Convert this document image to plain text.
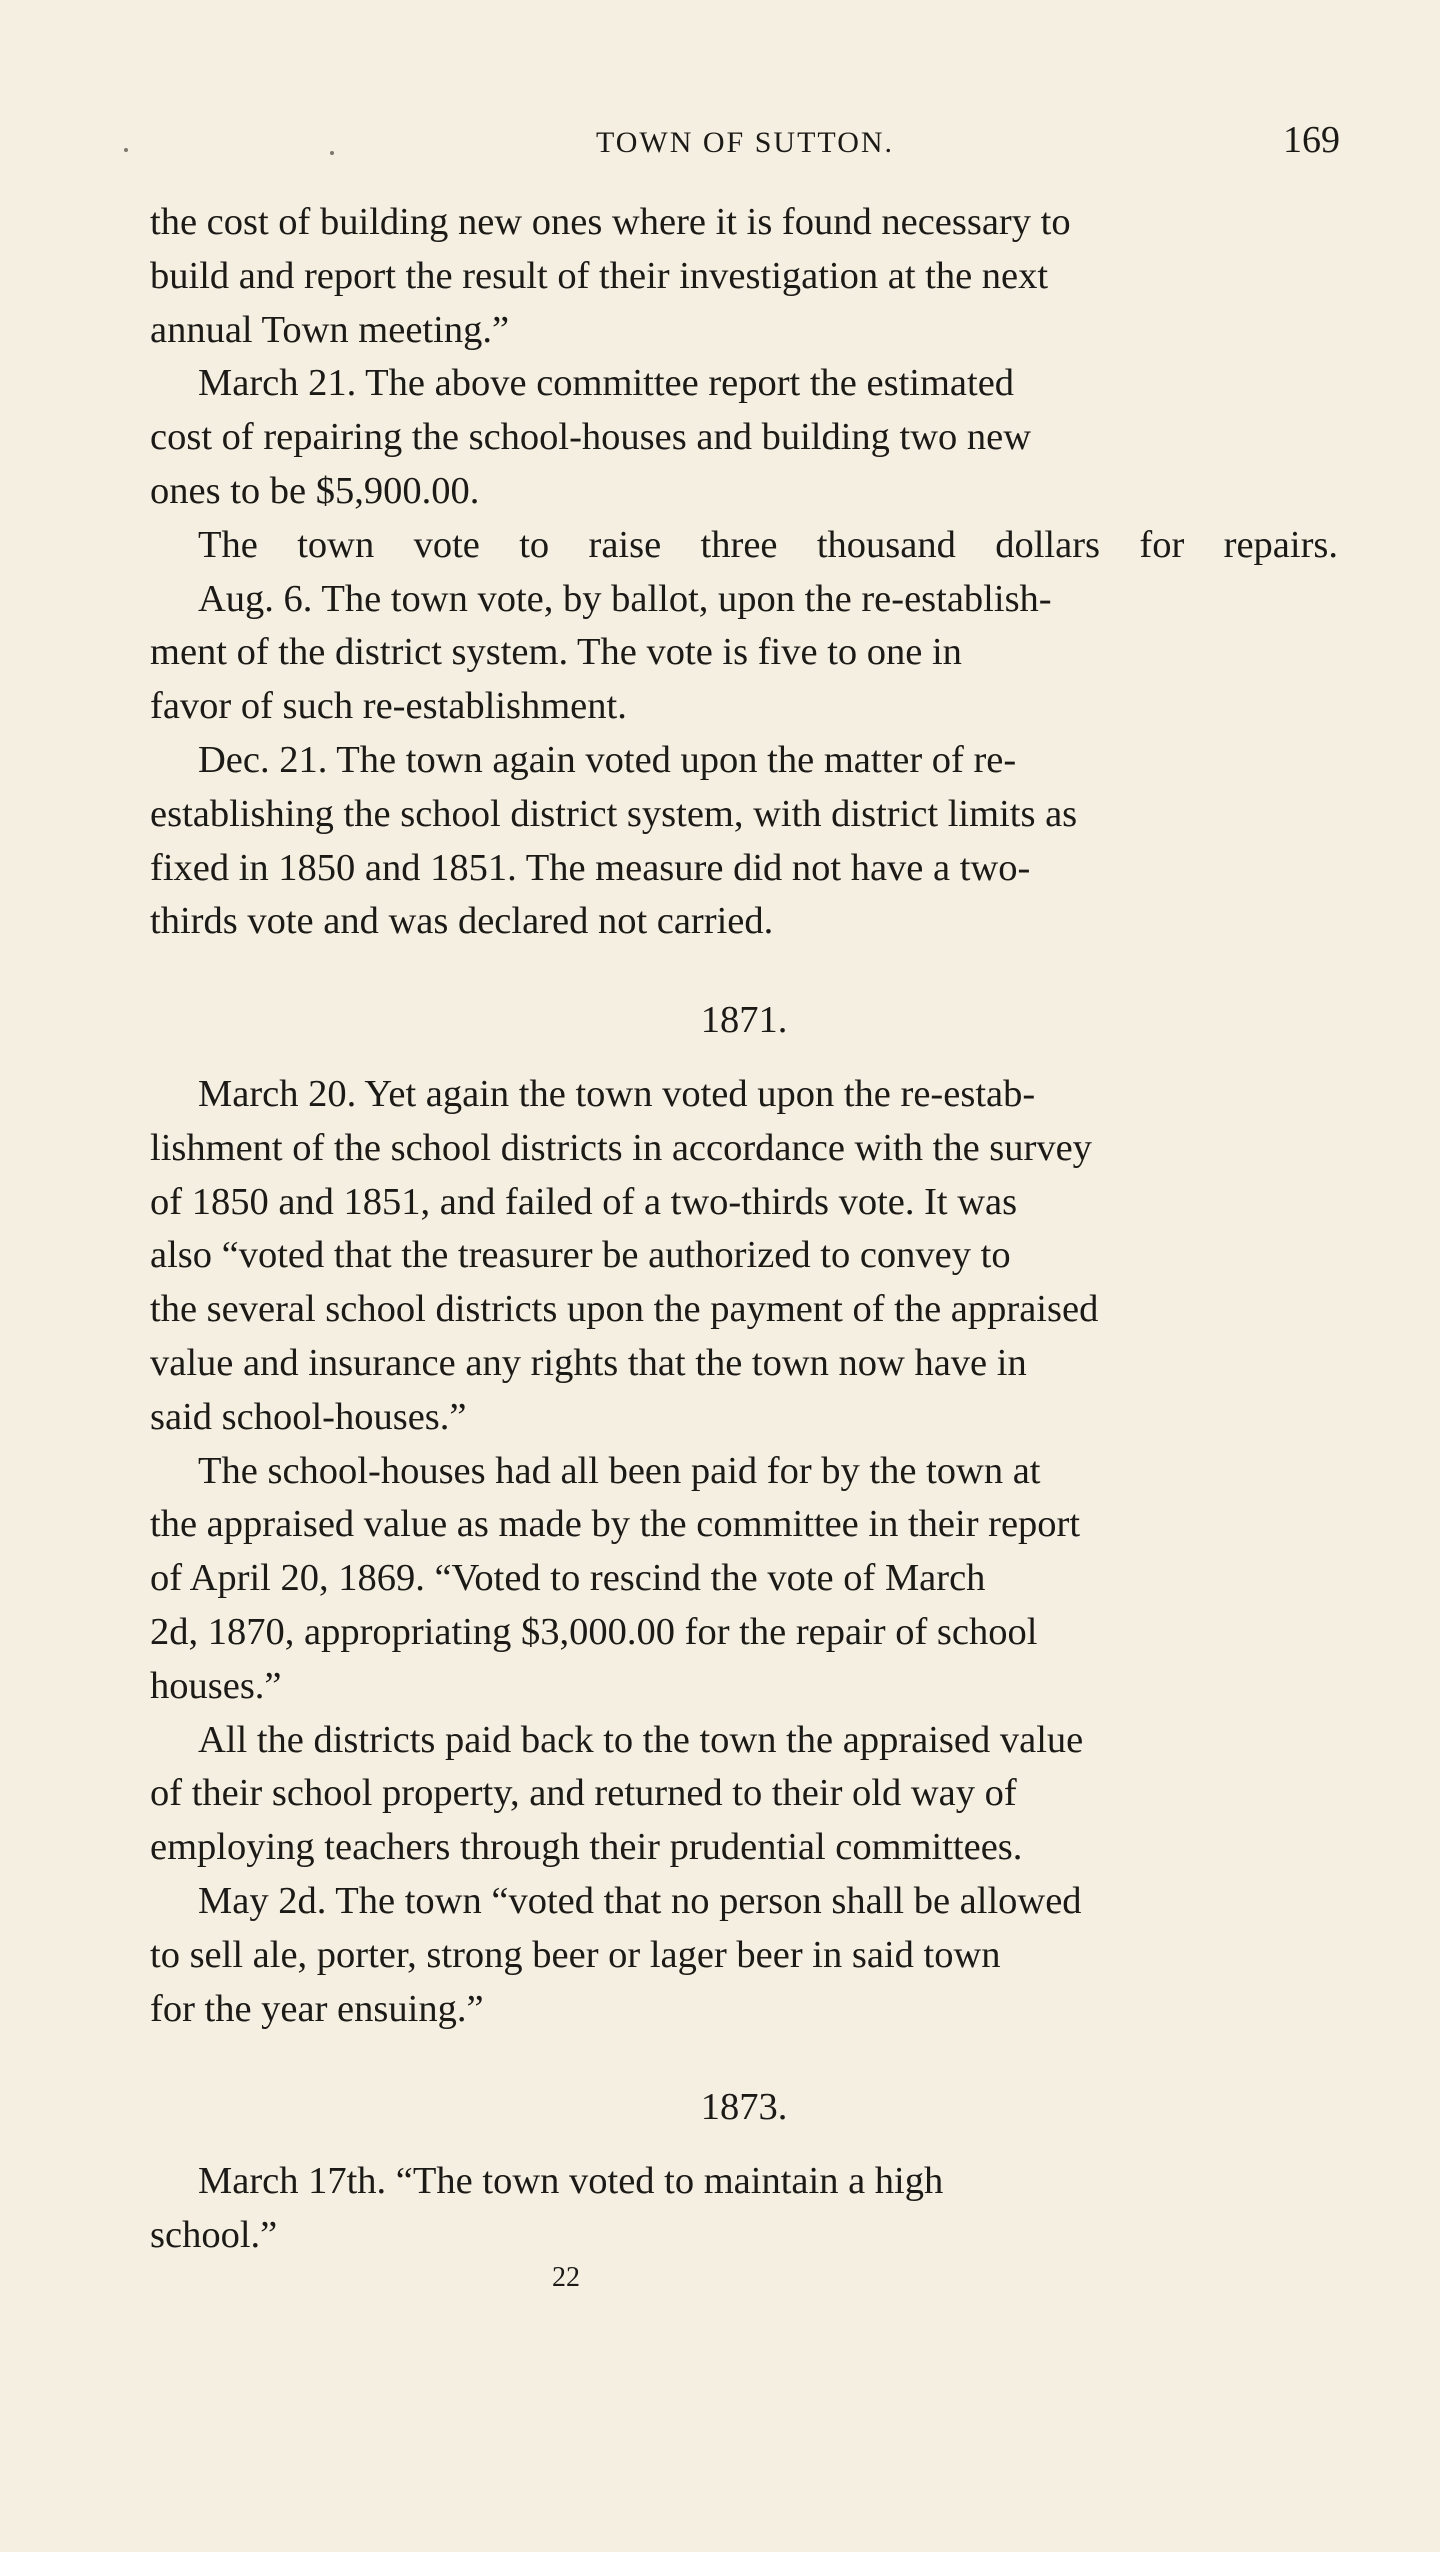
TOWN OF SUTTON.	169

the cost of building new ones where it is found necessary to
build and report the result of their investigation at the next
annual Town meeting.”

March 21. The above committee report the estimated
cost of repairing the school-houses and building two new
ones to be $5,900.00.

The town vote to raise three thousand dollars for repairs.

Aug. 6. The town vote, by ballot, upon the re-establish-
ment of the district system. The vote is five to one in
favor of such re-establishment.

Dec. 21. The town again voted upon the matter of re-
establishing the school district system, with district limits as
fixed in 1850 and 1851. The measure did not have a two-
thirds vote and was declared not carried.

1871.

March 20. Yet again the town voted upon the re-estab-
lishment of the school districts in accordance with the survey
of 1850 and 1851, and failed of a two-thirds vote. It was
also “voted that the treasurer be authorized to convey to
the several school districts upon the payment of the appraised
value and insurance any rights that the town now have in
said school-houses.”

The school-houses had all been paid for by the town at
the appraised value as made by the committee in their report
of April 20, 1869. “Voted to rescind the vote of March
2d, 1870, appropriating $3,000.00 for the repair of school
houses.”

All the districts paid back to the town the appraised value
of their school property, and returned to their old way of
employing teachers through their prudential committees.

May 2d. The town “voted that no person shall be allowed
to sell ale, porter, strong beer or lager beer in said town
for the year ensuing.”

1873.

March 17th. “The town voted to maintain a high
school.”

22
